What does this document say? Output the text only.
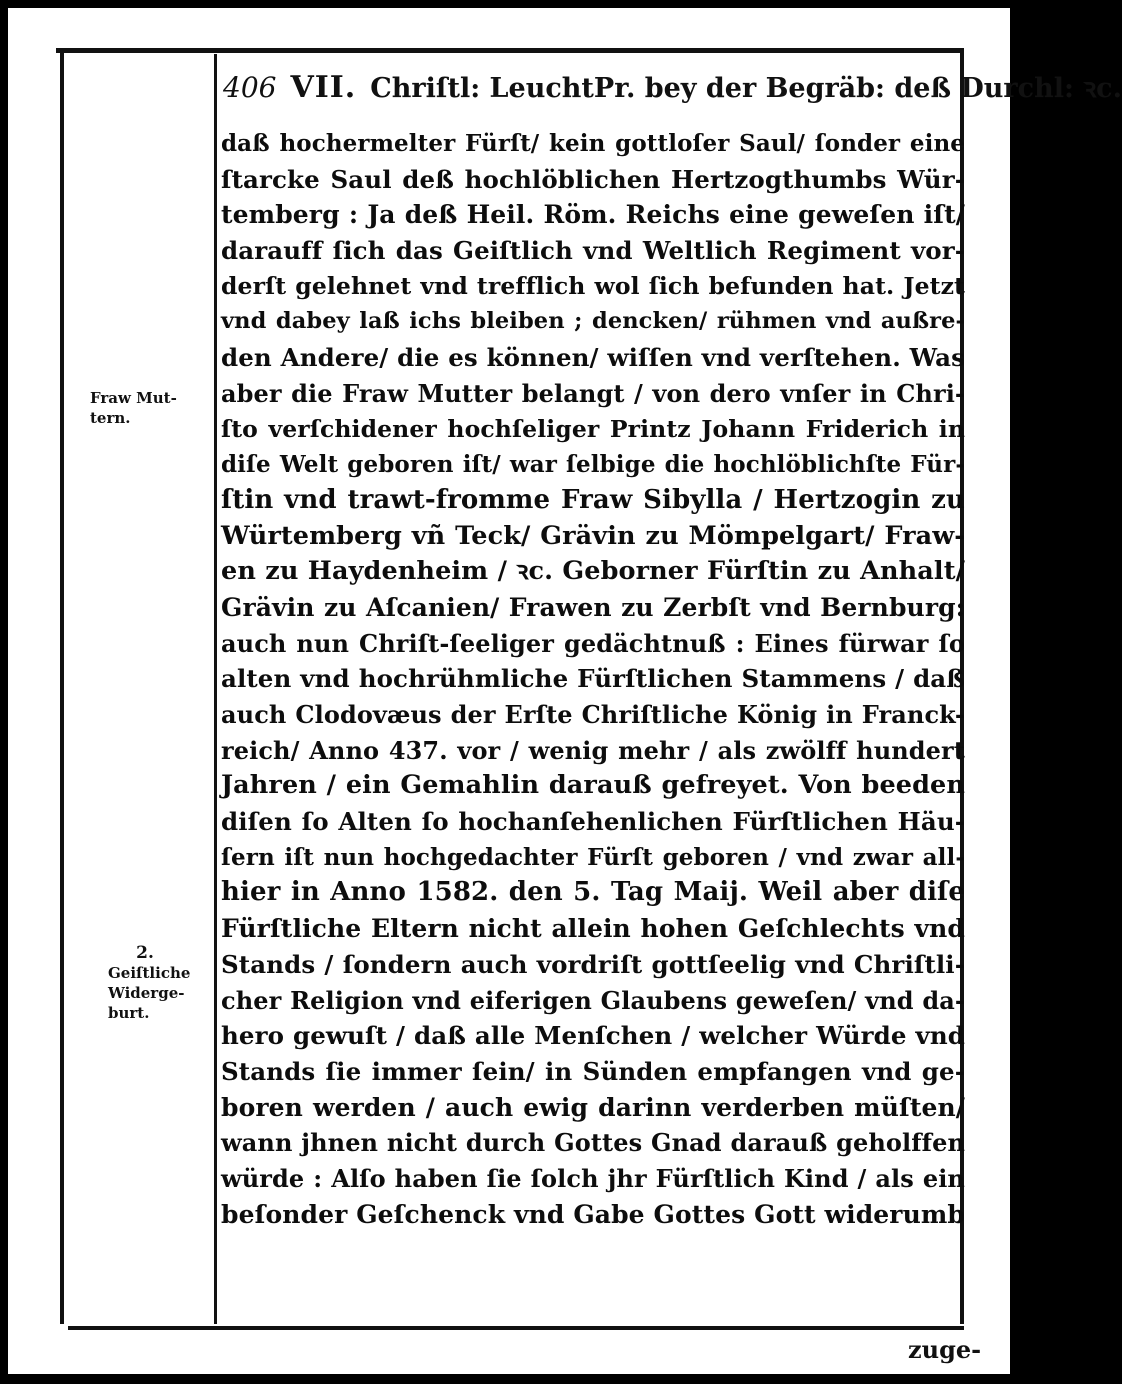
406 VII. Chriſtl: LeuchtPr. bey der Begräb: deß Durchl: ꝛc.
Fraw Mut-
tern.
2.
Geiſtliche
Widerge-
burt.
daß hochermelter Fürſt/ kein gottloſer Saul/ ſonder eine
ſtarcke Saul deß hochlöblichen Hertzogthumbs Wür-
temberg : Ja deß Heil. Röm. Reichs eine geweſen iſt/
darauff ſich das Geiſtlich vnd Weltlich Regiment vor-
derſt gelehnet vnd trefflich wol ſich befunden hat. Jetzt
vnd dabey laß ichs bleiben ; dencken/ rühmen vnd außre-
den Andere/ die es können/ wiſſen vnd verſtehen. Was
aber die Fraw Mutter belangt / von dero vnſer in Chri-
ſto verſchidener hochſeliger Printz Johann Friderich in
diſe Welt geboren iſt/ war ſelbige die hochlöblichſte Für-
ſtin vnd trawt-fromme Fraw Sibylla / Hertzogin zu
Würtemberg vñ Teck/ Grävin zu Mömpelgart/ Fraw-
en zu Haydenheim / ꝛc. Geborner Fürſtin zu Anhalt/
Grävin zu Aſcanien/ Frawen zu Zerbſt vnd Bernburg:
auch nun Chriſt-ſeeliger gedächtnuß : Eines fürwar ſo
alten vnd hochrühmliche Fürſtlichen Stammens / daß
auch Clodovæus der Erſte Chriſtliche König in Franck-
reich/ Anno 437. vor / wenig mehr / als zwölff hundert
Jahren / ein Gemahlin darauß gefreyet. Von beeden
diſen ſo Alten ſo hochanſehenlichen Fürſtlichen Häu-
ſern iſt nun hochgedachter Fürſt geboren / vnd zwar all-
hier in Anno 1582. den 5. Tag Maij. Weil aber diſe
Fürſtliche Eltern nicht allein hohen Geſchlechts vnd
Stands / ſondern auch vordriſt gottſeelig vnd Chriſtli-
cher Religion vnd eiferigen Glaubens geweſen/ vnd da-
hero gewuſt / daß alle Menſchen / welcher Würde vnd
Stands ſie immer ſein/ in Sünden empfangen vnd ge-
boren werden / auch ewig darinn verderben müſten/
wann jhnen nicht durch Gottes Gnad darauß geholffen
würde : Alſo haben ſie ſolch jhr Fürſtlich Kind / als ein
beſonder Geſchenck vnd Gabe Gottes Gott widerumb
zuge-
